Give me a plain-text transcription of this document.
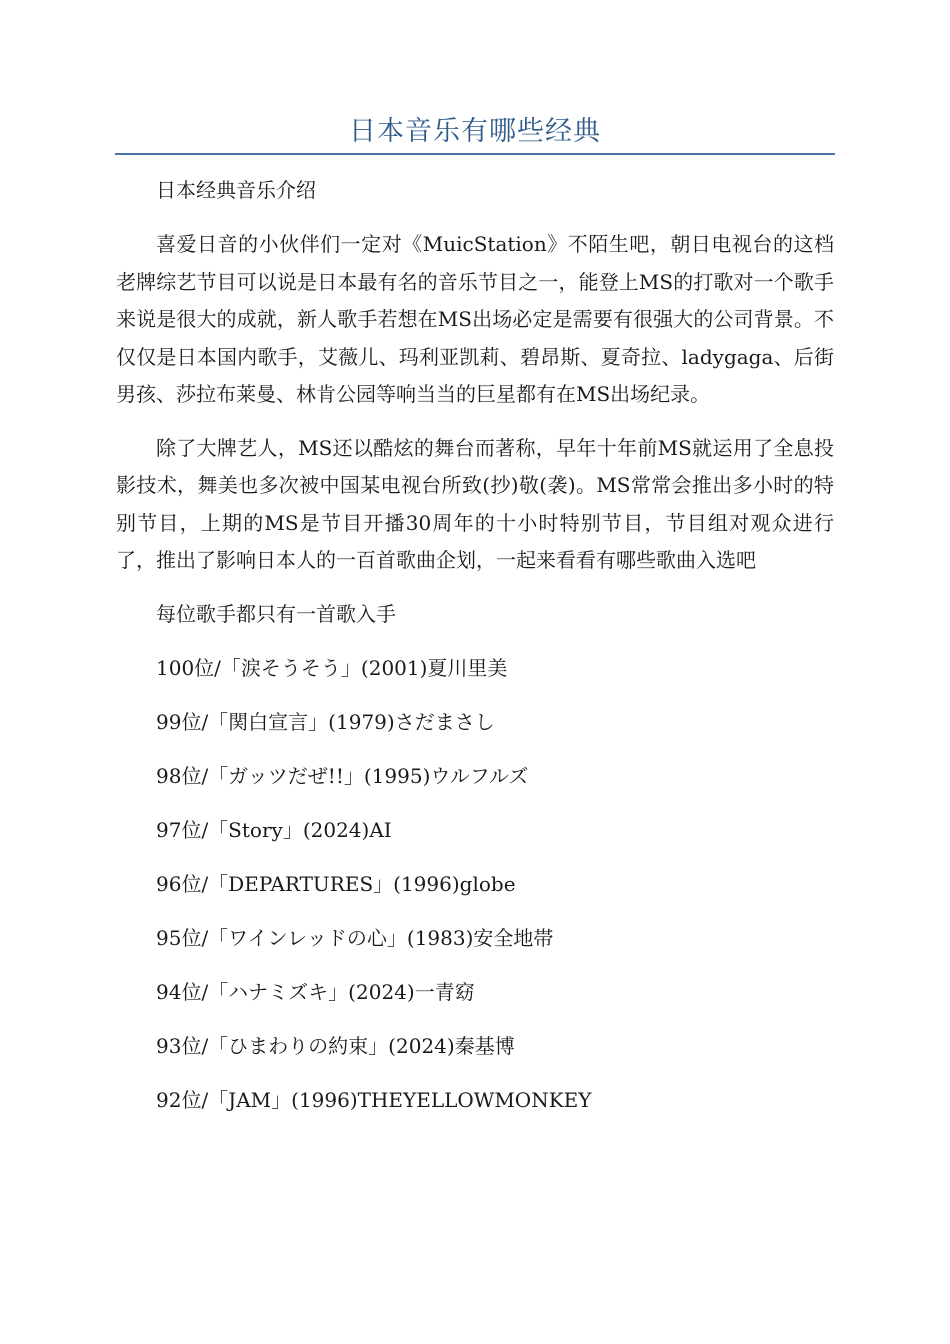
日本音乐有哪些经典

日本经典音乐介绍

喜爱日音的小伙伴们一定对《MuicStation》不陌生吧，朝日电视台的这档老牌综艺节目可以说是日本最有名的音乐节目之一，能登上MS的打歌对一个歌手来说是很大的成就，新人歌手若想在MS出场必定是需要有很强大的公司背景。不仅仅是日本国内歌手，艾薇儿、玛利亚凯莉、碧昂斯、夏奇拉、ladygaga、后街男孩、莎拉布莱曼、林肯公园等响当当的巨星都有在MS出场纪录。

除了大牌艺人，MS还以酷炫的舞台而著称，早年十年前MS就运用了全息投影技术，舞美也多次被中国某电视台所致(抄)敬(袭)。MS常常会推出多小时的特别节目，上期的MS是节目开播30周年的十小时特别节目，节目组对观众进行了，推出了影响日本人的一百首歌曲企划，一起来看看有哪些歌曲入选吧

每位歌手都只有一首歌入手

100位/「涙そうそう」(2001)夏川里美

99位/「関白宣言」(1979)さだまさし

98位/「ガッツだぜ!!」(1995)ウルフルズ

97位/「Story」(2024)AI

96位/「DEPARTURES」(1996)globe

95位/「ワインレッドの心」(1983)安全地帯

94位/「ハナミズキ」(2024)一青窈

93位/「ひまわりの約束」(2024)秦基博

92位/「JAM」(1996)THEYELLOWMONKEY
